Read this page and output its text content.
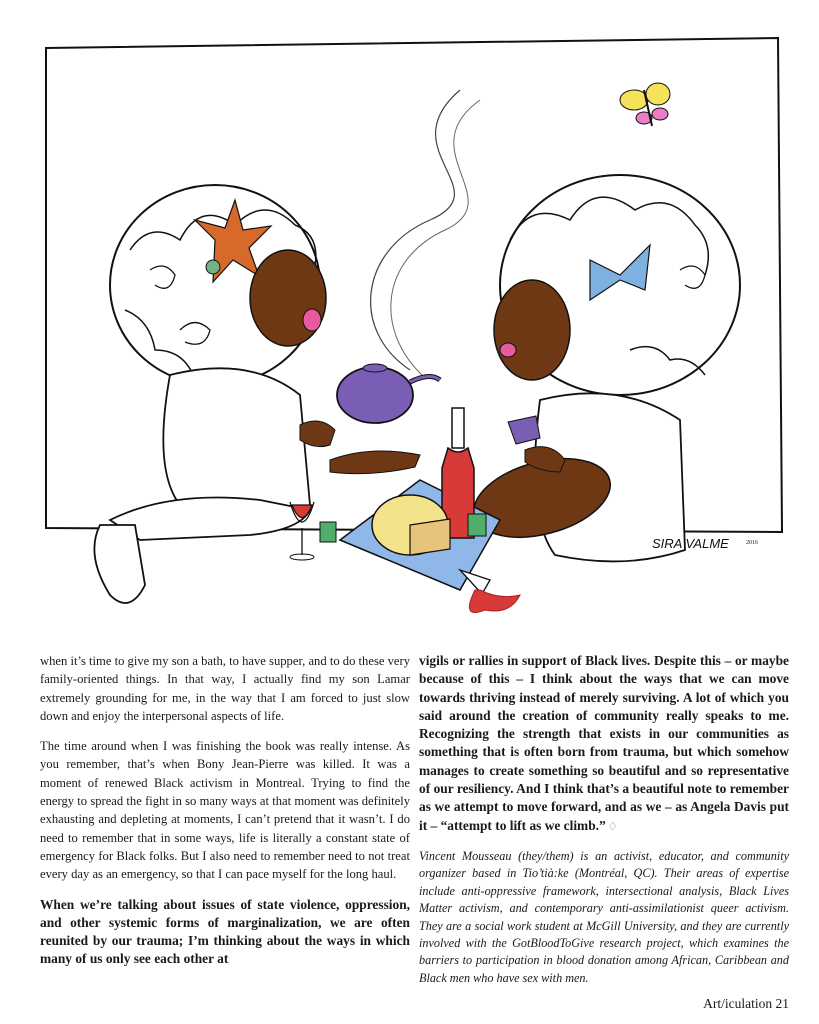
SIRA VALME	2016

when it’s time to give my son a bath, to have supper, and to do these very family-oriented things. In that way, I actually find my son Lamar extremely grounding for me, in the way that I am forced to just slow down and enjoy the interpersonal aspects of life.

The time around when I was finishing the book was really intense. As you remember, that’s when Bony Jean-Pierre was killed. It was a moment of renewed Black activism in Montreal. Trying to find the energy to spread the fight in so many ways at that moment was definitely exhausting and depleting at moments, I can’t pretend that it wasn’t. I do need to remember that in some ways, life is literally a constant state of emergency for Black folks. But I also need to remember need to not treat every day as an emergency, so that I can pace myself for the long haul.

When we’re talking about issues of state violence, oppression, and other systemic forms of marginalization, we are often reunited by our trauma; I’m thinking about the ways in which many of us only see each other at

vigils or rallies in support of Black lives. Despite this – or maybe because of this – I think about the ways that we can move towards thriving instead of merely surviving. A lot of which you said around the creation of community really speaks to me. Recognizing the strength that exists in our communities as something that is often born from trauma, but which somehow manages to create something so beautiful and so representative of our resiliency. And I think that’s a beautiful note to remember as we attempt to move forward, and as we – as Angela Davis put it – “attempt to lift as we climb.” ♢

Vincent Mousseau (they/them) is an activist, educator, and community organizer based in Tio’tià:ke (Montréal, QC). Their areas of expertise include anti-oppressive framework, intersectional analysis, Black Lives Matter activism, and contemporary anti-assimilationist queer activism. They are a social work student at McGill University, and they are currently involved with the GotBloodToGive research project, which examines the barriers to participation in blood donation among African, Caribbean and Black men who have sex with men.

Art/iculation 21
